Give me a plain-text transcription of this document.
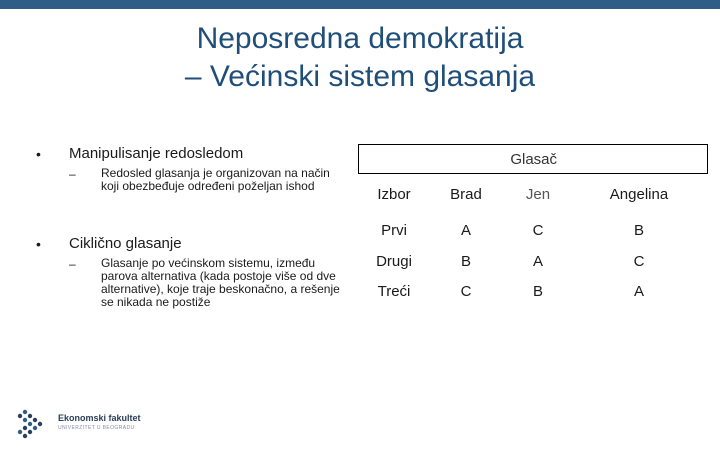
Neposredna demokratija
– Većinski sistem glasanja
• Manipulisanje redosledom
– Redosled glasanja je organizovan na način koji obezbeđuje određeni poželjan ishod
• Ciklično glasanje
– Glasanje po većinskom sistemu, između parova alternativa (kada postoje više od dve alternative), koje traje beskonačno, a rešenje se nikada ne postiže
Glasač
Izbor	Brad	Jen	Angelina
Prvi	A	C	B
Drugi	B	A	C
Treći	C	B	A
Ekonomski fakultet
UNIVERZITET U BEOGRADU
